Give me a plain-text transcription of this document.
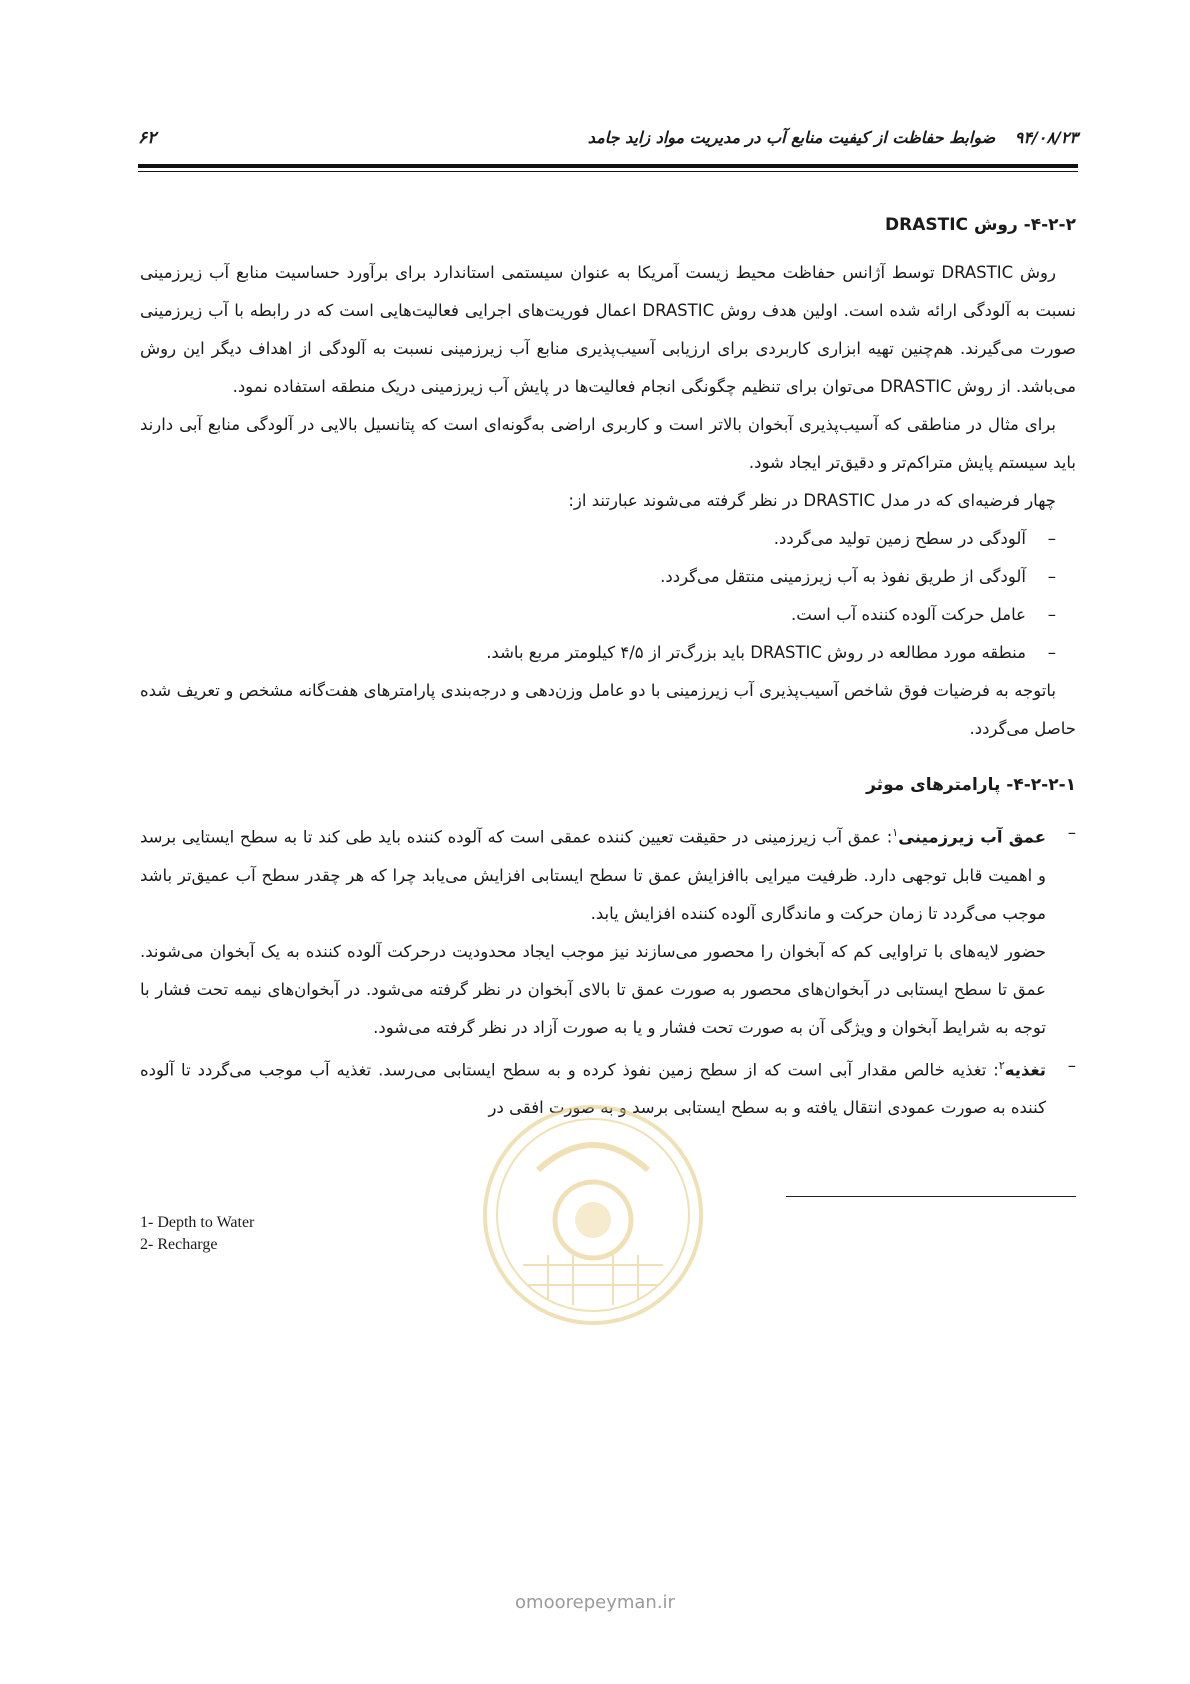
۶۲	۹۴/۰۸/۲۳ ضوابط حفاظت از کیفیت منابع آب در مدیریت مواد زاید جامد

۴-۲-۲- روش DRASTIC

روش DRASTIC توسط آژانس حفاظت محیط زیست آمریکا به عنوان سیستمی استاندارد برای برآورد حساسیت منابع آب زیرزمینی نسبت به آلودگی ارائه شده است. اولین هدف روش DRASTIC اعمال فوریت‌های اجرایی فعالیت‌هایی است که در رابطه با آب زیرزمینی صورت می‌گیرند. هم‌چنین تهیه ابزاری کاربردی برای ارزیابی آسیب‌پذیری منابع آب زیرزمینی نسبت به آلودگی از اهداف دیگر این روش می‌باشد. از روش DRASTIC می‌توان برای تنظیم چگونگی انجام فعالیت‌ها در پایش آب زیرزمینی دریک منطقه استفاده نمود.

برای مثال در مناطقی که آسیب‌پذیری آبخوان بالاتر است و کاربری اراضی به‌گونه‌ای است که پتانسیل بالایی در آلودگی منابع آبی دارند باید سیستم پایش متراکم‌تر و دقیق‌تر ایجاد شود.

چهار فرضیه‌ای که در مدل DRASTIC در نظر گرفته می‌شوند عبارتند از:

– آلودگی در سطح زمین تولید می‌گردد.
– آلودگی از طریق نفوذ به آب زیرزمینی منتقل می‌گردد.
– عامل حرکت آلوده کننده آب است.
– منطقه مورد مطالعه در روش DRASTIC باید بزرگ‌تر از ۴/۵ کیلومتر مربع باشد.

باتوجه به فرضیات فوق شاخص آسیب‌پذیری آب زیرزمینی با دو عامل وزن‌دهی و درجه‌بندی پارامترهای هفت‌گانه مشخص و تعریف شده حاصل می‌گردد.

۴-۲-۲-۱- پارامترهای موثر

– عمق آب زیرزمینی$^۱$: عمق آب زیرزمینی در حقیقت تعیین کننده عمقی است که آلوده کننده باید طی کند تا به سطح ایستایی برسد و اهمیت قابل توجهی دارد. ظرفیت میرایی باافزایش عمق تا سطح ایستابی افزایش می‌یابد چرا که هر چقدر سطح آب عمیق‌تر باشد موجب می‌گردد تا زمان حرکت و ماندگاری آلوده کننده افزایش یابد.

حضور لایه‌های با تراوایی کم که آبخوان را محصور می‌سازند نیز موجب ایجاد محدودیت درحرکت آلوده کننده به یک آبخوان می‌شوند. عمق تا سطح ایستابی در آبخوان‌های محصور به صورت عمق تا بالای آبخوان در نظر گرفته می‌شود. در آبخوان‌های نیمه تحت فشار با توجه به شرایط آبخوان و ویژگی آن به صورت تحت فشار و یا به صورت آزاد در نظر گرفته می‌شود.

– تغذیه$^۲$: تغذیه خالص مقدار آبی است که از سطح زمین نفوذ کرده و به سطح ایستابی می‌رسد. تغذیه آب موجب می‌گردد تا آلوده کننده به صورت عمودی انتقال یافته و به سطح ایستابی برسد و به صورت افقی در

1- Depth to Water
2- Recharge
omoorepeyman.ir
